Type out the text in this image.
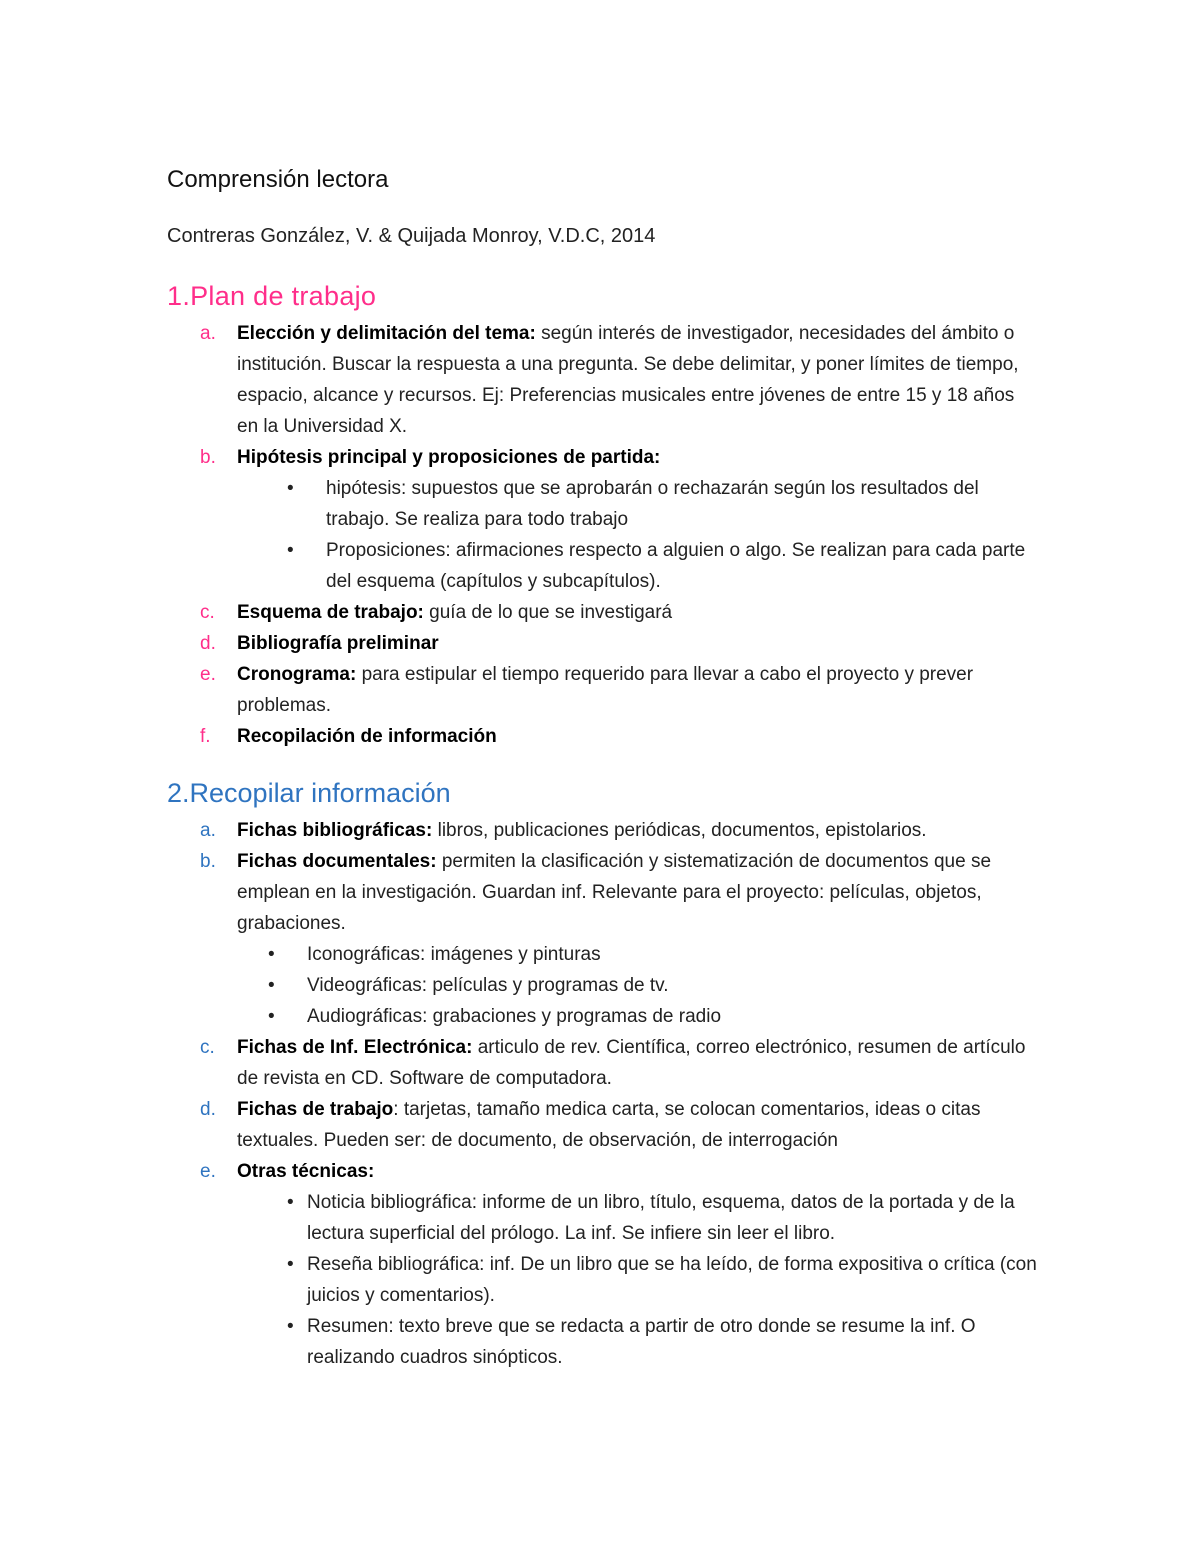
Comprensión lectora
Contreras González, V. & Quijada Monroy, V.D.C, 2014
1.Plan de trabajo
a. Elección y delimitación del tema: según interés de investigador, necesidades del ámbito o institución. Buscar la respuesta a una pregunta. Se debe delimitar, y poner límites de tiempo, espacio, alcance y recursos. Ej: Preferencias musicales entre jóvenes de entre 15 y 18 años en la Universidad X.
b. Hipótesis principal y proposiciones de partida:
• hipótesis: supuestos que se aprobarán o rechazarán según los resultados del trabajo. Se realiza para todo trabajo
• Proposiciones: afirmaciones respecto a alguien o algo. Se realizan para cada parte del esquema (capítulos y subcapítulos).
c. Esquema de trabajo: guía de lo que se investigará
d. Bibliografía preliminar
e. Cronograma: para estipular el tiempo requerido para llevar a cabo el proyecto y prever problemas.
f. Recopilación de información
2.Recopilar información
a. Fichas bibliográficas: libros, publicaciones periódicas, documentos, epistolarios.
b. Fichas documentales: permiten la clasificación y sistematización de documentos que se emplean en la investigación. Guardan inf. Relevante para el proyecto: películas, objetos, grabaciones.
• Iconográficas: imágenes y pinturas
• Videográficas: películas y programas de tv.
• Audiográficas: grabaciones y programas de radio
c. Fichas de Inf. Electrónica: articulo de rev. Científica, correo electrónico, resumen de artículo de revista en CD. Software de computadora.
d. Fichas de trabajo: tarjetas, tamaño medica carta, se colocan comentarios, ideas o citas textuales. Pueden ser: de documento, de observación, de interrogación
e. Otras técnicas:
• Noticia bibliográfica: informe de un libro, título, esquema, datos de la portada y de la lectura superficial del prólogo. La inf. Se infiere sin leer el libro.
• Reseña bibliográfica: inf. De un libro que se ha leído, de forma expositiva o crítica (con juicios y comentarios).
• Resumen: texto breve que se redacta a partir de otro donde se resume la inf. O realizando cuadros sinópticos.
